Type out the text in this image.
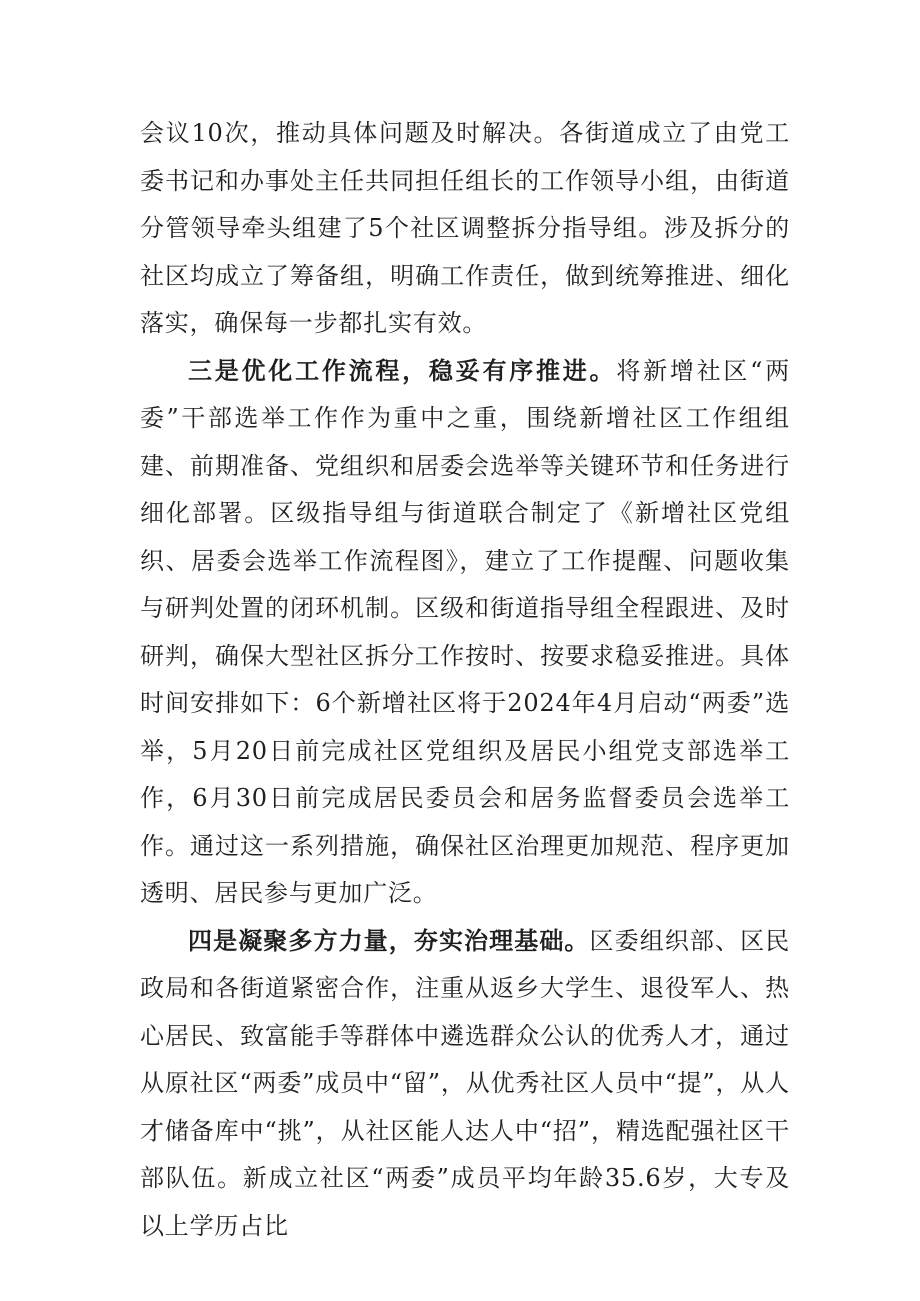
会议10次，推动具体问题及时解决。各街道成立了由党工委书记和办事处主任共同担任组长的工作领导小组，由街道分管领导牵头组建了5个社区调整拆分指导组。涉及拆分的社区均成立了筹备组，明确工作责任，做到统筹推进、细化落实，确保每一步都扎实有效。

三是优化工作流程，稳妥有序推进。将新增社区“两委”干部选举工作作为重中之重，围绕新增社区工作组组建、前期准备、党组织和居委会选举等关键环节和任务进行细化部署。区级指导组与街道联合制定了《新增社区党组织、居委会选举工作流程图》，建立了工作提醒、问题收集与研判处置的闭环机制。区级和街道指导组全程跟进、及时研判，确保大型社区拆分工作按时、按要求稳妥推进。具体时间安排如下：6个新增社区将于2024年4月启动“两委”选举，5月20日前完成社区党组织及居民小组党支部选举工作，6月30日前完成居民委员会和居务监督委员会选举工作。通过这一系列措施，确保社区治理更加规范、程序更加透明、居民参与更加广泛。

四是凝聚多方力量，夯实治理基础。区委组织部、区民政局和各街道紧密合作，注重从返乡大学生、退役军人、热心居民、致富能手等群体中遴选群众公认的优秀人才，通过从原社区“两委”成员中“留”，从优秀社区人员中“提”，从人才储备库中“挑”，从社区能人达人中“招”，精选配强社区干部队伍。新成立社区“两委”成员平均年龄35.6岁，大专及以上学历占比
